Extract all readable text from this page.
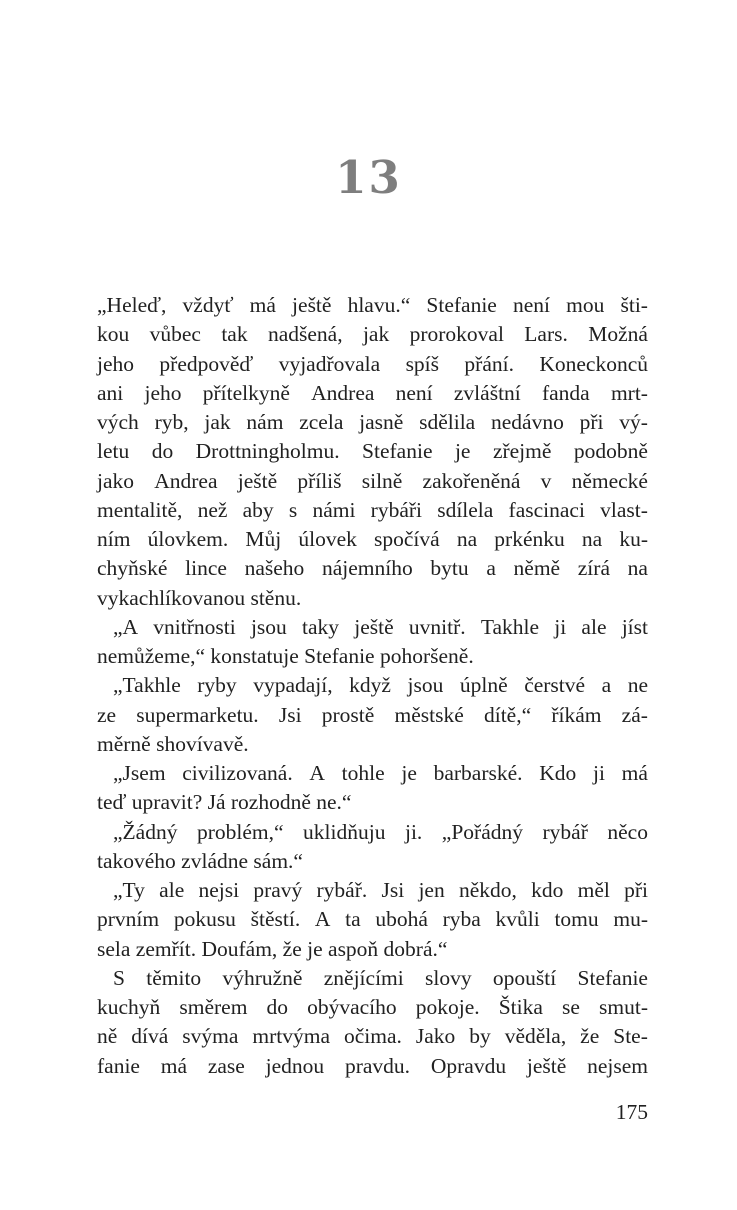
13
„Heleď, vždyť má ještě hlavu.“ Stefanie není mou šti-
kou vůbec tak nadšená, jak prorokoval Lars. Možná
jeho předpověď vyjadřovala spíš přání. Koneckonců
ani jeho přítelkyně Andrea není zvláštní fanda mrt-
vých ryb, jak nám zcela jasně sdělila nedávno při vý-
letu do Drottningholmu. Stefanie je zřejmě podobně
jako Andrea ještě příliš silně zakořeněná v německé
mentalitě, než aby s námi rybáři sdílela fascinaci vlast-
ním úlovkem. Můj úlovek spočívá na prkénku na ku-
chyňské lince našeho nájemního bytu a němě zírá na
vykachlíkovanou stěnu.
„A vnitřnosti jsou taky ještě uvnitř. Takhle ji ale jíst
nemůžeme,“ konstatuje Stefanie pohoršeně.
„Takhle ryby vypadají, když jsou úplně čerstvé a ne
ze supermarketu. Jsi prostě městské dítě,“ říkám zá-
měrně shovívavě.
„Jsem civilizovaná. A tohle je barbarské. Kdo ji má
teď upravit? Já rozhodně ne.“
„Žádný problém,“ uklidňuju ji. „Pořádný rybář něco
takového zvládne sám.“
„Ty ale nejsi pravý rybář. Jsi jen někdo, kdo měl při
prvním pokusu štěstí. A ta ubohá ryba kvůli tomu mu-
sela zemřít. Doufám, že je aspoň dobrá.“
S těmito výhružně znějícími slovy opouští Stefanie
kuchyň směrem do obývacího pokoje. Štika se smut-
ně dívá svýma mrtvýma očima. Jako by věděla, že Ste-
fanie má zase jednou pravdu. Opravdu ještě nejsem
175
